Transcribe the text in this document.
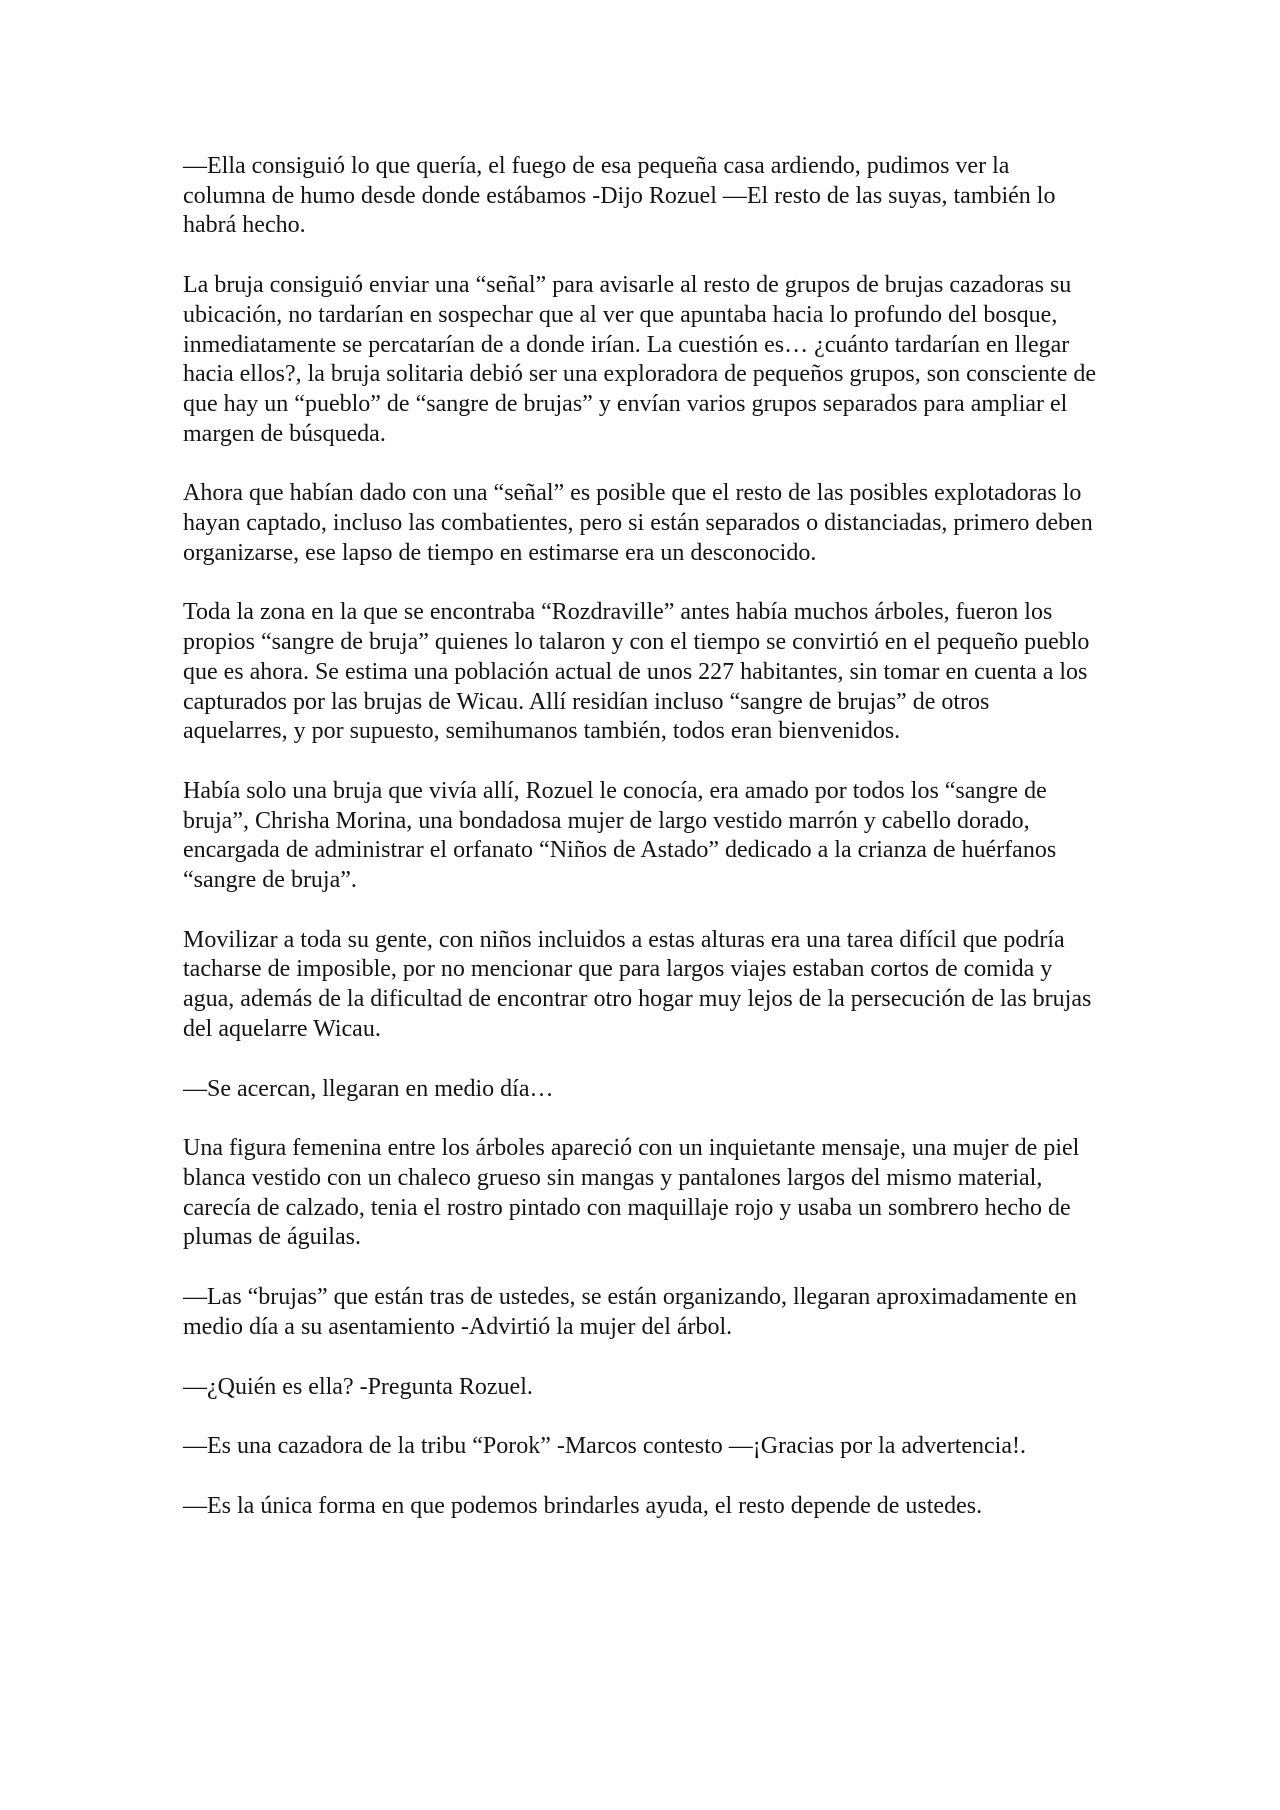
—Ella consiguió lo que quería, el fuego de esa pequeña casa ardiendo, pudimos ver la columna de humo desde donde estábamos -Dijo Rozuel —El resto de las suyas, también lo habrá hecho.

La bruja consiguió enviar una “señal” para avisarle al resto de grupos de brujas cazadoras su ubicación, no tardarían en sospechar que al ver que apuntaba hacia lo profundo del bosque, inmediatamente se percatarían de a donde irían. La cuestión es… ¿cuánto tardarían en llegar hacia ellos?, la bruja solitaria debió ser una exploradora de pequeños grupos, son consciente de que hay un “pueblo” de “sangre de brujas” y envían varios grupos separados para ampliar el margen de búsqueda.

Ahora que habían dado con una “señal” es posible que el resto de las posibles explotadoras lo hayan captado, incluso las combatientes, pero si están separados o distanciadas, primero deben organizarse, ese lapso de tiempo en estimarse era un desconocido.

Toda la zona en la que se encontraba “Rozdraville” antes había muchos árboles, fueron los propios “sangre de bruja” quienes lo talaron y con el tiempo se convirtió en el pequeño pueblo que es ahora. Se estima una población actual de unos 227 habitantes, sin tomar en cuenta a los capturados por las brujas de Wicau. Allí residían incluso “sangre de brujas” de otros aquelarres, y por supuesto, semihumanos también, todos eran bienvenidos.

Había solo una bruja que vivía allí, Rozuel le conocía, era amado por todos los “sangre de bruja”, Chrisha Morina, una bondadosa mujer de largo vestido marrón y cabello dorado, encargada de administrar el orfanato “Niños de Astado” dedicado a la crianza de huérfanos “sangre de bruja”.

Movilizar a toda su gente, con niños incluidos a estas alturas era una tarea difícil que podría tacharse de imposible, por no mencionar que para largos viajes estaban cortos de comida y agua, además de la dificultad de encontrar otro hogar muy lejos de la persecución de las brujas del aquelarre Wicau.

—Se acercan, llegaran en medio día…

Una figura femenina entre los árboles apareció con un inquietante mensaje, una mujer de piel blanca vestido con un chaleco grueso sin mangas y pantalones largos del mismo material, carecía de calzado, tenia el rostro pintado con maquillaje rojo y usaba un sombrero hecho de plumas de águilas.

—Las “brujas” que están tras de ustedes, se están organizando, llegaran aproximadamente en medio día a su asentamiento -Advirtió la mujer del árbol.

—¿Quién es ella? -Pregunta Rozuel.

—Es una cazadora de la tribu “Porok” -Marcos contesto —¡Gracias por la advertencia!.

—Es la única forma en que podemos brindarles ayuda, el resto depende de ustedes.
